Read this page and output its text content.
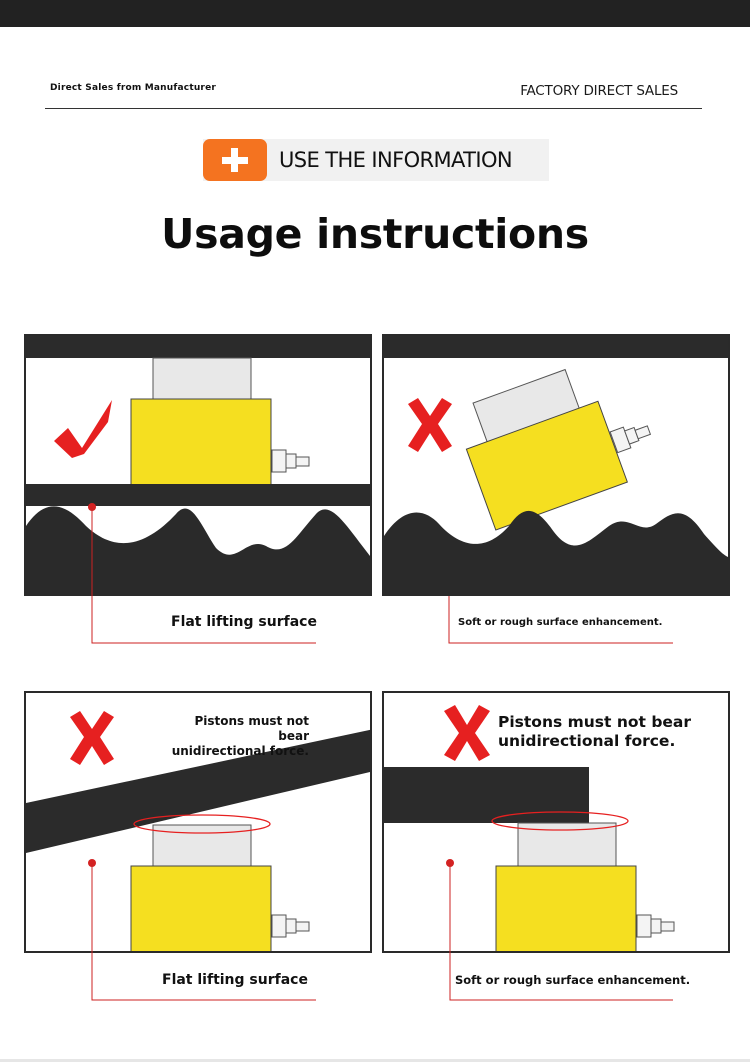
Direct Sales from Manufacturer	FACTORY DIRECT SALES
USE THE INFORMATION
Usage instructions
Flat lifting surface	Soft or rough surface enhancement.
Pistons must not bear
unidirectional force.
Pistons must not bear
unidirectional force.
Flat lifting surface	Soft or rough surface enhancement.
